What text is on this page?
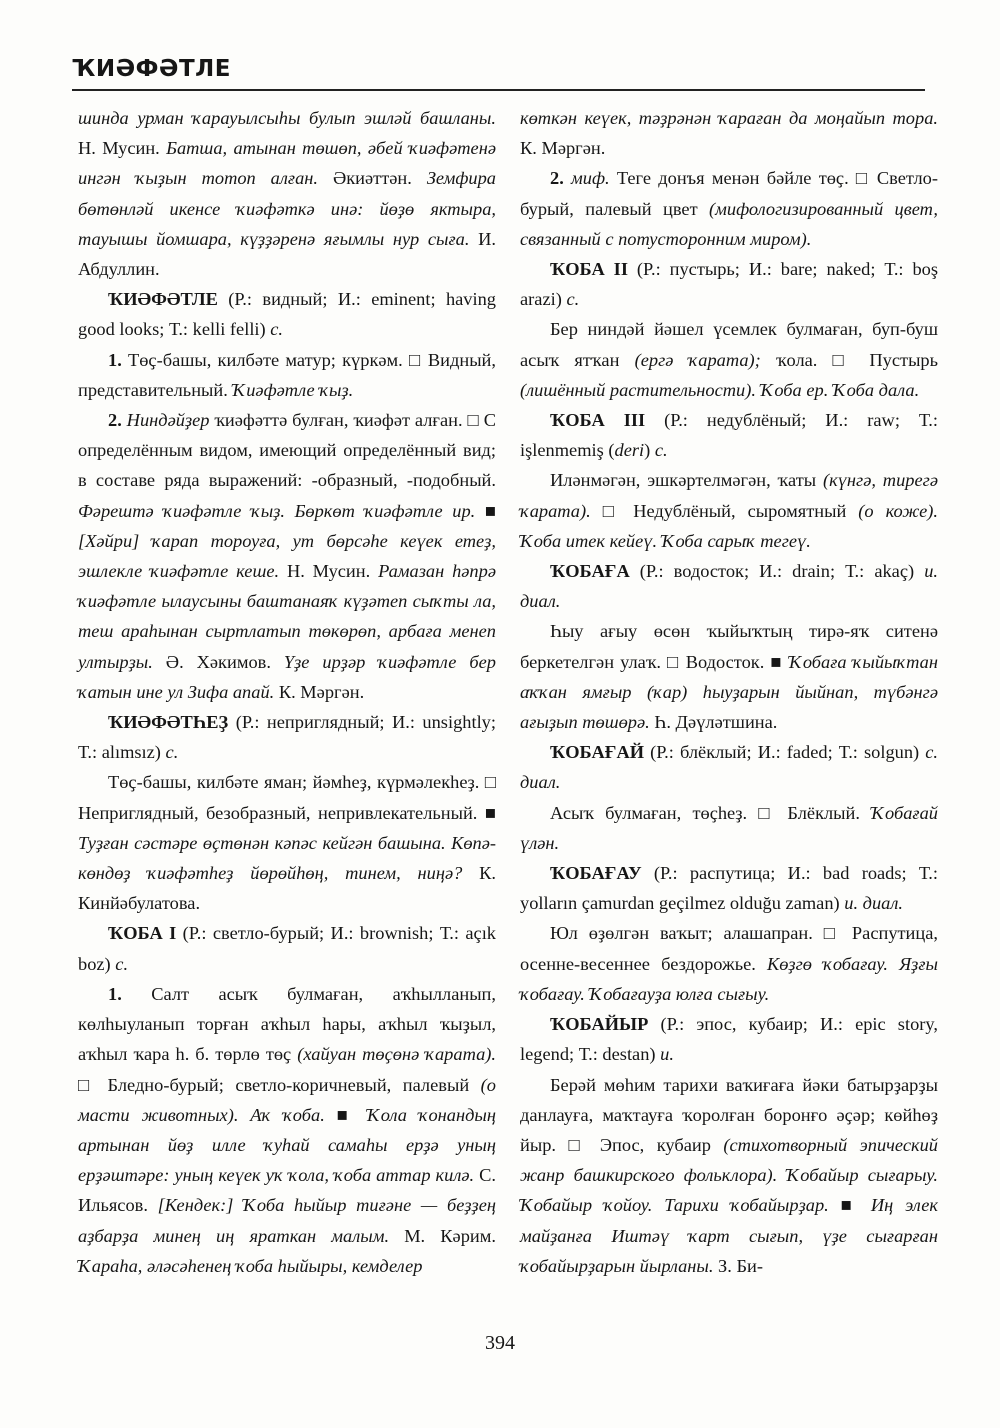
ҠИӘФӘТЛЕ

шинда урман ҡарауылсыһы булып эшләй башланы. Н. Мусин. Батша, атынан төшөп, әбей ҡиәфәтенә ингән ҡыҙын тотоп алған. Әкиәттән. Земфира бөтөнләй икенсе ҡиәфәткә инә: йөҙө яктыра, тауышы йомшара, күҙҙәренә яғымлы нур сыға. И. Абдуллин.

ҠИӘФӘТЛЕ (Р.: видный; И.: eminent; having good looks; Т.: kelli felli) с.

1. Төҫ-башы, килбәте матур; күркәм. □ Видный, представительный. Ҡиәфәтле ҡыҙ.

2. Ниндәйҙер ҡиәфәттә булған, ҡиәфәт алған. □ С определённым видом, имеющий определённый вид; в составе ряда выражений: -образный, -подобный. Фәрештә ҡиәфәтле ҡыҙ. Бөркөт ҡиәфәтле ир. ■ [Хәйри] ҡарап тороуға, ут бөрсәһе кеүек етеҙ, эшлекле ҡиәфәтле кеше. Н. Мусин. Рамазан һәпрә ҡиәфәтле ылаусыны баштанаяҡ күҙәтеп сыҡты ла, теш араһынан сыртлатып төкөрөп, арбаға менеп ултырҙы. Ә. Хәкимов. Үҙе ирҙәр ҡиәфәтле бер ҡатын ине ул Зифа апай. К. Мәргән.

ҠИӘФӘТҺЕҘ (Р.: неприглядный; И.: unsightly; Т.: alımsız) с.

Төҫ-башы, килбәте яман; йәмһеҙ, күрмәлекһеҙ. □ Неприглядный, безобразный, непривлекательный. ■ Туҙған сәстәре өҫтөнән кәпәс кейгән башына. Көпә-көндөҙ ҡиәфәтһеҙ йөрөйһөң, тинем, ниңә? К. Кинйәбулатова.

ҠОБА I (Р.: светло-бурый; И.: brownish; Т.: açık boz) с.

1. Салт асыҡ булмаған, аҡһылланып, көлһыуланып торған аҡһыл һары, аҡһыл ҡыҙыл, аҡһыл ҡара һ. б. төрлө төҫ (хайуан төҫөнә ҡарата). □ Бледно-бурый; светло-коричневый, палевый (о масти животных). Аҡ ҡоба. ■ Ҡола ҡонандың артынан йөҙ илле ҡуһай самаһы ерҙә уның ерҙәштәре: уның кеүек уҡ ҡола, ҡоба аттар килә. С. Ильясов. [Кендек:] Ҡоба һыйыр тиғәне — беҙҙең аҙбарҙа минең иң яраткан малым. М. Кәрим. Ҡараһа, әләсәһенең ҡоба һыйыры, кемделер

көткән кеүек, тәҙрәнән ҡараған да моңайып тора. К. Мәргән.

2. миф. Теге донъя менән бәйле төҫ. □ Светло-бурый, палевый цвет (мифологизированный цвет, связанный с потусторонним миром).

ҠОБА II (Р.: пустырь; И.: bare; naked; Т.: boş arazi) с.

Бер ниндәй йәшел үсемлек булмаған, буп-буш асыҡ ятҡан (ергә ҡарата); ҡола. □ Пустырь (лишённый растительности). Ҡоба ер. Ҡоба дала.

ҠОБА III (Р.: недублёный; И.: raw; Т.: işlenmemiş (deri) с.

Иләнмәгән, эшкәртелмәгән, ҡаты (күнгә, тирегә ҡарата). □ Недублёный, сыромятный (о коже). Ҡоба итек кейеү. Ҡоба сарыҡ тегеү.

ҠОБАҒА (Р.: водосток; И.: drain; Т.: akaç) и. диал.

Һыу ағыу өсөн ҡыйыҡтың тирә-яҡ ситенә беркетелгән улаҡ. □ Водосток. ■ Ҡобаға ҡыйыҡтан аҡҡан ямғыр (ҡар) һыуҙарын йыйнап, түбәнгә ағыҙып төшөрә. Һ. Дәүләтшина.

ҠОБАҒАЙ (Р.: блёклый; И.: faded; Т.: solgun) с. диал.

Асыҡ булмаған, төҫһеҙ. □ Блёклый. Ҡобағай үлән.

ҠОБАҒАУ (Р.: распутица; И.: bad roads; Т.: yolların çamurdan geçilmez olduğu zaman) и. диал.

Юл өҙөлгән ваҡыт; алашапран. □ Распутица, осенне-весеннее бездорожье. Көҙгө ҡобағау. Яҙғы ҡобағау. Ҡобағауҙа юлға сығыу.

ҠОБАЙЫР (Р.: эпос, кубаир; И.: epic story, legend; Т.: destan) и.

Берәй мөһим тарихи ваҡиғаға йәки батырҙарҙы данлауға, маҡтауға ҡоролған боронғо әҫәр; көйһөҙ йыр. □ Эпос, кубаир (стихотворный эпический жанр башкирского фольклора). Ҡобайыр сығарыу. Ҡобайыр ҡойоу. Тарихи ҡобайырҙар. ■ Иң элек майҙанға Иштәү ҡарт сығып, үҙе сығарған ҡобайырҙарын йырланы. З. Би-

394
